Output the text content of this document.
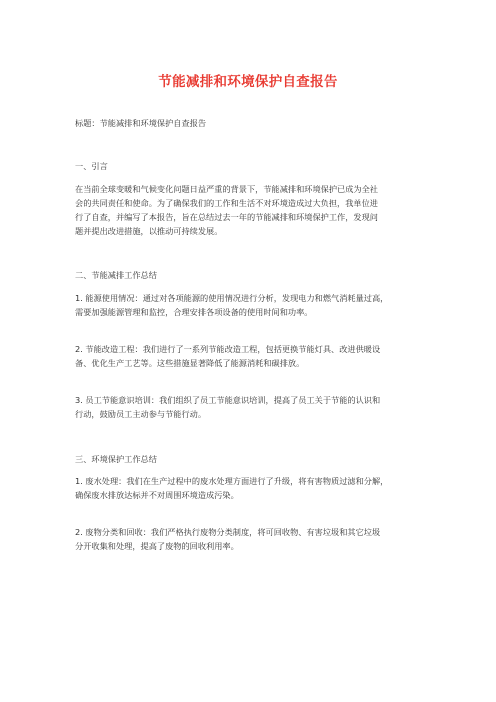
节能减排和环境保护自查报告
标题：节能减排和环境保护自查报告
一、引言
在当前全球变暖和气候变化问题日益严重的背景下，节能减排和环境保护已成为全社
会的共同责任和使命。为了确保我们的工作和生活不对环境造成过大负担，我单位进
行了自查，并编写了本报告，旨在总结过去一年的节能减排和环境保护工作，发现问
题并提出改进措施，以推动可持续发展。
二、节能减排工作总结
1. 能源使用情况：通过对各项能源的使用情况进行分析，发现电力和燃气消耗量过高，
需要加强能源管理和监控，合理安排各项设备的使用时间和功率。
2. 节能改造工程：我们进行了一系列节能改造工程，包括更换节能灯具、改进供暖设
备、优化生产工艺等。这些措施显著降低了能源消耗和碳排放。
3. 员工节能意识培训：我们组织了员工节能意识培训，提高了员工关于节能的认识和
行动，鼓励员工主动参与节能行动。
三、环境保护工作总结
1. 废水处理：我们在生产过程中的废水处理方面进行了升级，将有害物质过滤和分解，
确保废水排放达标并不对周围环境造成污染。
2. 废物分类和回收：我们严格执行废物分类制度，将可回收物、有害垃圾和其它垃圾
分开收集和处理，提高了废物的回收利用率。
